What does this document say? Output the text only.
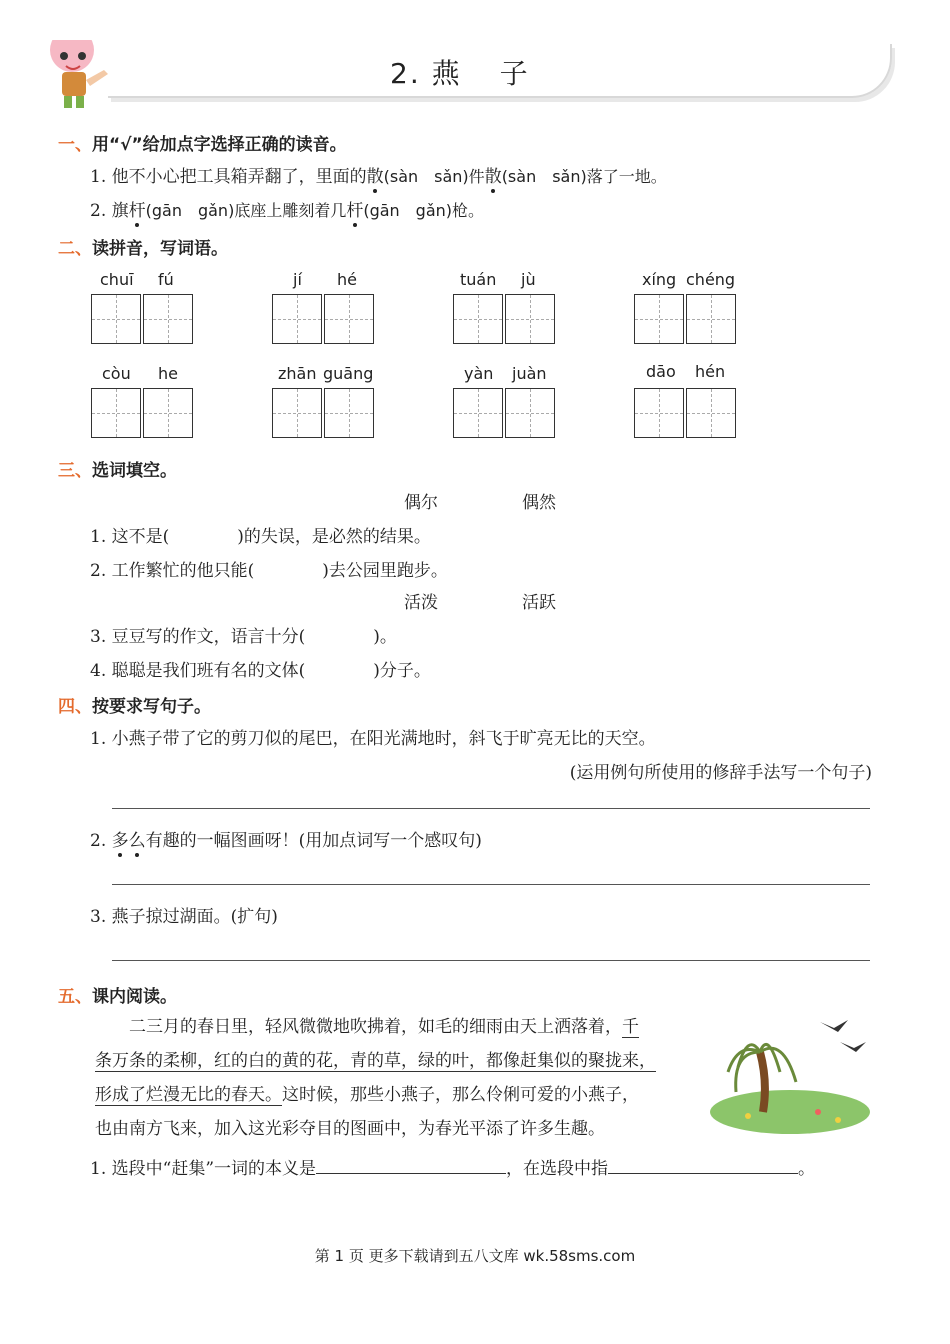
2. 燕 子
一、用“√”给加点字选择正确的读音。
1. 他不小心把工具箱弄翻了，里面的散(sàn　sǎn)件散(sàn　sǎn)落了一地。
2. 旗杆(gān　gǎn)底座上雕刻着几杆(gān　gǎn)枪。
二、读拼音，写词语。
chuī fú	jí hé	tuán jù	xíng chéng
còu he	zhān guāng	yàn juàn	dāo hén
三、选词填空。
偶尔	偶然
1. 这不是(　　　　)的失误，是必然的结果。
2. 工作繁忙的他只能(　　　　)去公园里跑步。
活泼	活跃
3. 豆豆写的作文，语言十分(　　　　)。
4. 聪聪是我们班有名的文体(　　　　)分子。
四、按要求写句子。
1. 小燕子带了它的剪刀似的尾巴，在阳光满地时，斜飞于旷亮无比的天空。
(运用例句所使用的修辞手法写一个句子)
2. 多么有趣的一幅图画呀！(用加点词写一个感叹句)
3. 燕子掠过湖面。(扩句)
五、课内阅读。
二三月的春日里，轻风微微地吹拂着，如毛的细雨由天上洒落着，千
条万条的柔柳，红的白的黄的花，青的草，绿的叶，都像赶集似的聚拢来，
形成了烂漫无比的春天。这时候，那些小燕子，那么伶俐可爱的小燕子，
也由南方飞来，加入这光彩夺目的图画中，为春光平添了许多生趣。
1. 选段中“赶集”一词的本义是	，在选段中指	。
第 1 页 更多下载请到五八文库 wk.58sms.com
